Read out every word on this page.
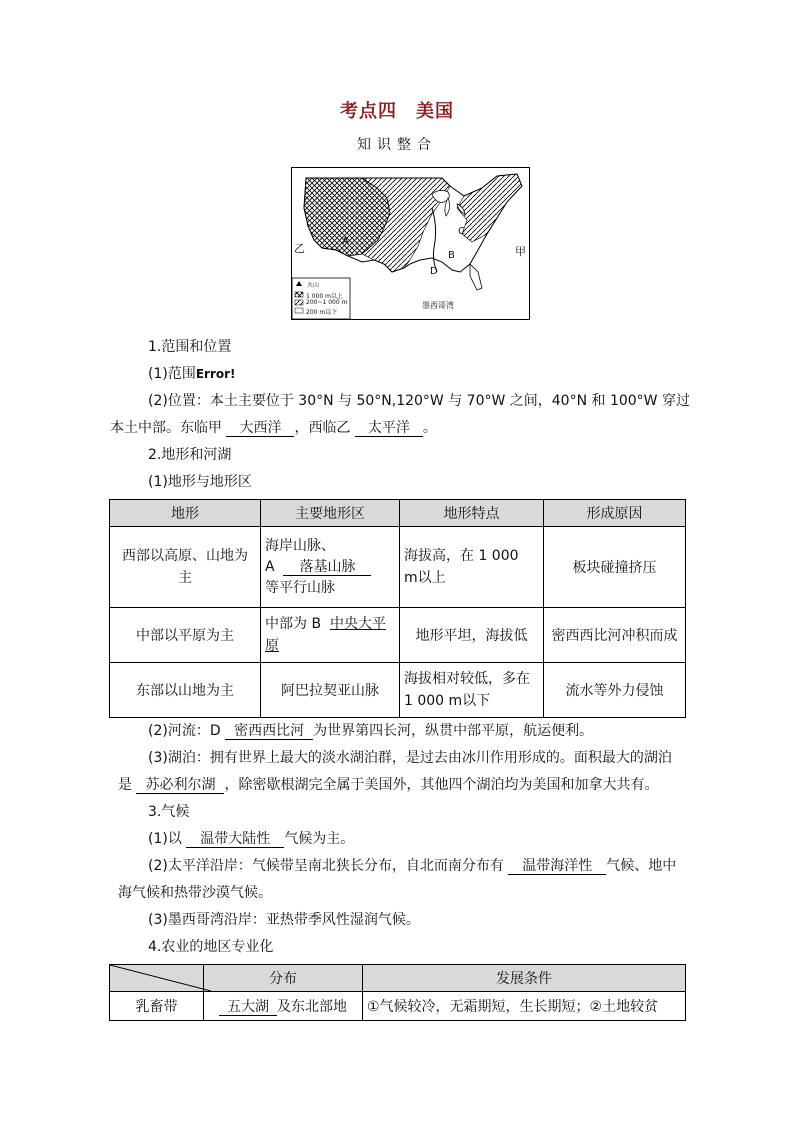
考点四　美国
知识整合
乙	甲
A
B
C
D
墨西哥湾
火山
1 000 m以上
200~1 000 m
200 m以下
1.范围和位置
(1)范围Error!
(2)位置：本土主要位于 30°N 与 50°N,120°W 与 70°W 之间，40°N 和 100°W 穿过
本土中部。东临甲 大西洋 ，西临乙 太平洋 。
2.地形和河湖
(1)地形与地形区
地形	主要地形区	地形特点	形成原因

西部以高原、山地为主	海岸山脉、
A 落基山脉
等平行山脉	海拔高，在 1 000 m以上	板块碰撞挤压
中部以平原为主	中部为 B 中央大平原	地形平坦，海拔低	密西西比河冲积而成
东部以山地为主	阿巴拉契亚山脉	海拔相对较低，多在 1 000 m以下	流水等外力侵蚀
(2)河流：D 密西西比河 为世界第四长河，纵贯中部平原，航运便利。
(3)湖泊：拥有世界上最大的淡水湖泊群，是过去由冰川作用形成的。面积最大的湖泊
是 苏必利尔湖 ，除密歇根湖完全属于美国外，其他四个湖泊均为美国和加拿大共有。
3.气候
(1)以 温带大陆性 气候为主。
(2)太平洋沿岸：气候带呈南北狭长分布，自北而南分布有 温带海洋性 气候、地中
海气候和热带沙漠气候。
(3)墨西哥湾沿岸：亚热带季风性湿润气候。
4.农业的地区专业化
	分布	发展条件
乳畜带	五大湖 及东北部地	①气候较冷，无霜期短，生长期短；②土地较贫
